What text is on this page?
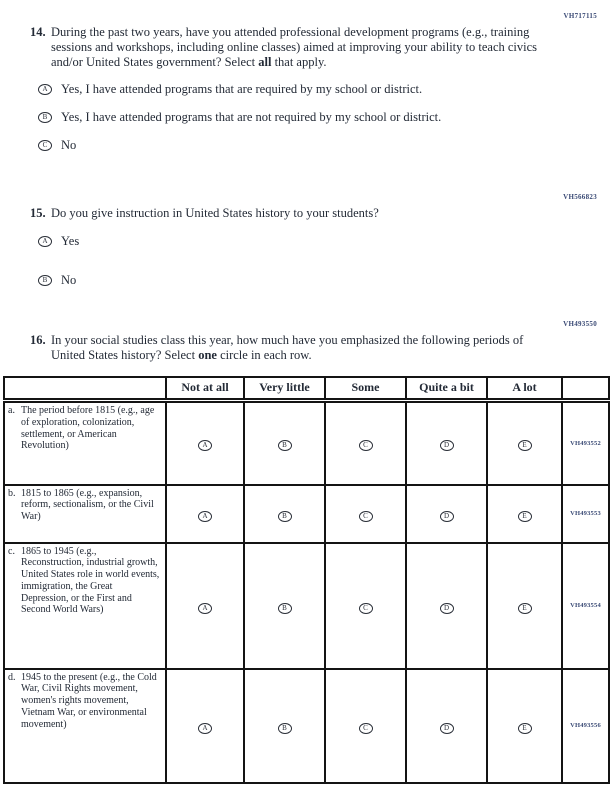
VH717115
14. During the past two years, have you attended professional development programs (e.g., training sessions and workshops, including online classes) aimed at improving your ability to teach civics and/or United States government? Select all that apply.

A Yes, I have attended programs that are required by my school or district.
B Yes, I have attended programs that are not required by my school or district.
C No
VH566823
15. Do you give instruction in United States history to your students?

A Yes
B No
VH493550
16. In your social studies class this year, how much have you emphasized the following periods of United States history? Select one circle in each row.

	Not at all	Very little	Some	Quite a bit	A lot	

a. The period before 1815 (e.g., age of exploration, colonization, settlement, or American Revolution)	A	B	C	D	E	VH493552

b. 1815 to 1865 (e.g., expansion, reform, sectionalism, or the Civil War)	A	B	C	D	E	VH493553

c. 1865 to 1945 (e.g., Reconstruction, industrial growth, United States role in world events, immigration, the Great Depression, or the First and Second World Wars)	A	B	C	D	E	VH493554

d. 1945 to the present (e.g., the Cold War, Civil Rights movement, women's rights movement, Vietnam War, or environmental movement)	A	B	C	D	E	VH493556
